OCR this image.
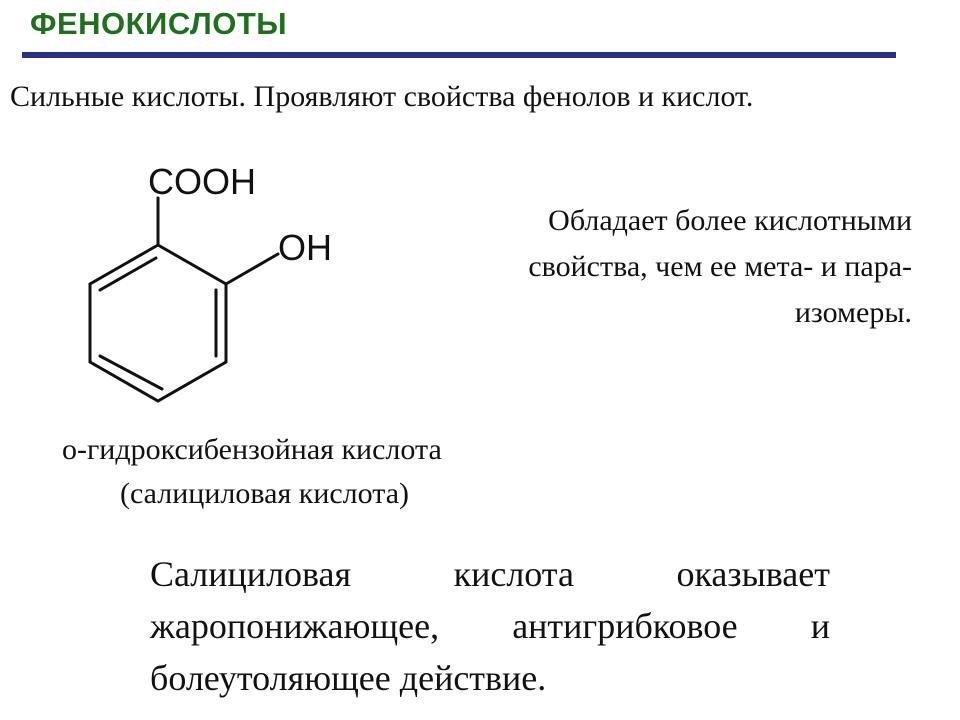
ФЕНОКИСЛОТЫ
Сильные кислоты. Проявляют свойства фенолов и кислот.
COOH
OH
Обладает более кислотными
свойства, чем ее мета- и пара-
изомеры.
о-гидроксибензойная кислота
(салициловая кислота)
Салициловая кислота оказывает
жаропонижающее, антигрибковое и
болеутоляющее действие.
